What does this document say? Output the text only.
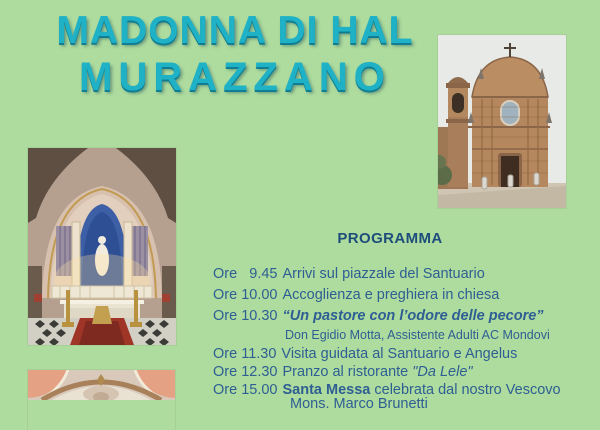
MADONNA DI HAL
MURAZZANO
PROGRAMMA
Ore   9.45 Arrivi sul piazzale del Santuario
Ore 10.00 Accoglienza e preghiera in chiesa
Ore 10.30 “Un pastore con l’odore delle pecore”
Don Egidio Motta, Assistente Adulti AC Mondovi
Ore 11.30 Visita guidata al Santuario e Angelus
Ore 12.30 Pranzo al ristorante "Da Lele"
Ore 15.00 Santa Messa celebrata dal nostro Vescovo
Mons. Marco Brunetti
